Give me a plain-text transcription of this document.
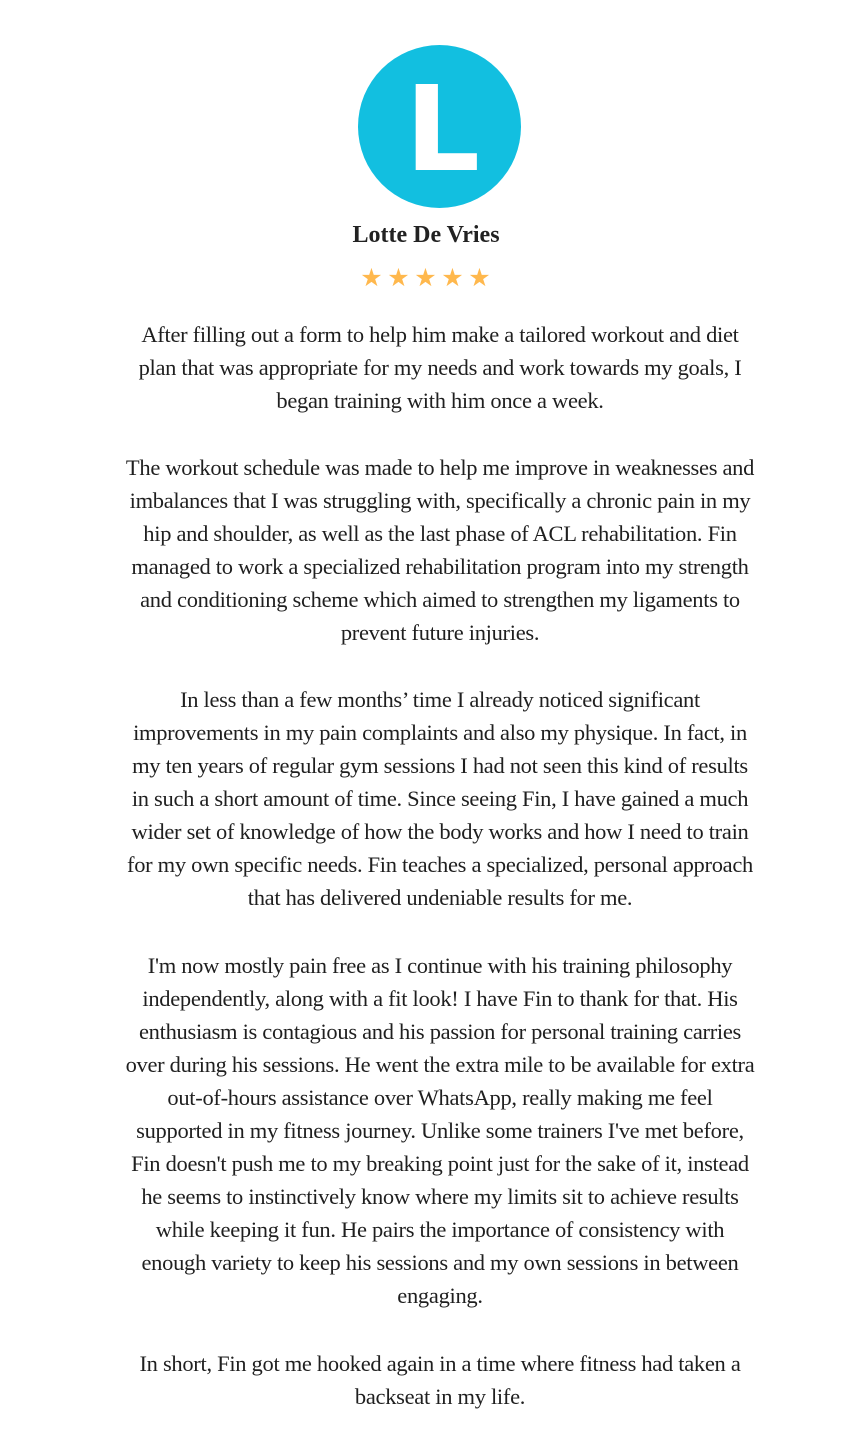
L
Lotte De Vries
★ ★ ★ ★ ★
After filling out a form to help him make a tailored workout and diet
plan that was appropriate for my needs and work towards my goals, I
began training with him once a week.
The workout schedule was made to help me improve in weaknesses and
imbalances that I was struggling with, specifically a chronic pain in my
hip and shoulder, as well as the last phase of ACL rehabilitation. Fin
managed to work a specialized rehabilitation program into my strength
and conditioning scheme which aimed to strengthen my ligaments to
prevent future injuries.
In less than a few months’ time I already noticed significant
improvements in my pain complaints and also my physique. In fact, in
my ten years of regular gym sessions I had not seen this kind of results
in such a short amount of time. Since seeing Fin, I have gained a much
wider set of knowledge of how the body works and how I need to train
for my own specific needs. Fin teaches a specialized, personal approach
that has delivered undeniable results for me.
I'm now mostly pain free as I continue with his training philosophy
independently, along with a fit look! I have Fin to thank for that. His
enthusiasm is contagious and his passion for personal training carries
over during his sessions. He went the extra mile to be available for extra
out-of-hours assistance over WhatsApp, really making me feel
supported in my fitness journey. Unlike some trainers I've met before,
Fin doesn't push me to my breaking point just for the sake of it, instead
he seems to instinctively know where my limits sit to achieve results
while keeping it fun. He pairs the importance of consistency with
enough variety to keep his sessions and my own sessions in between
engaging.
In short, Fin got me hooked again in a time where fitness had taken a
backseat in my life.
